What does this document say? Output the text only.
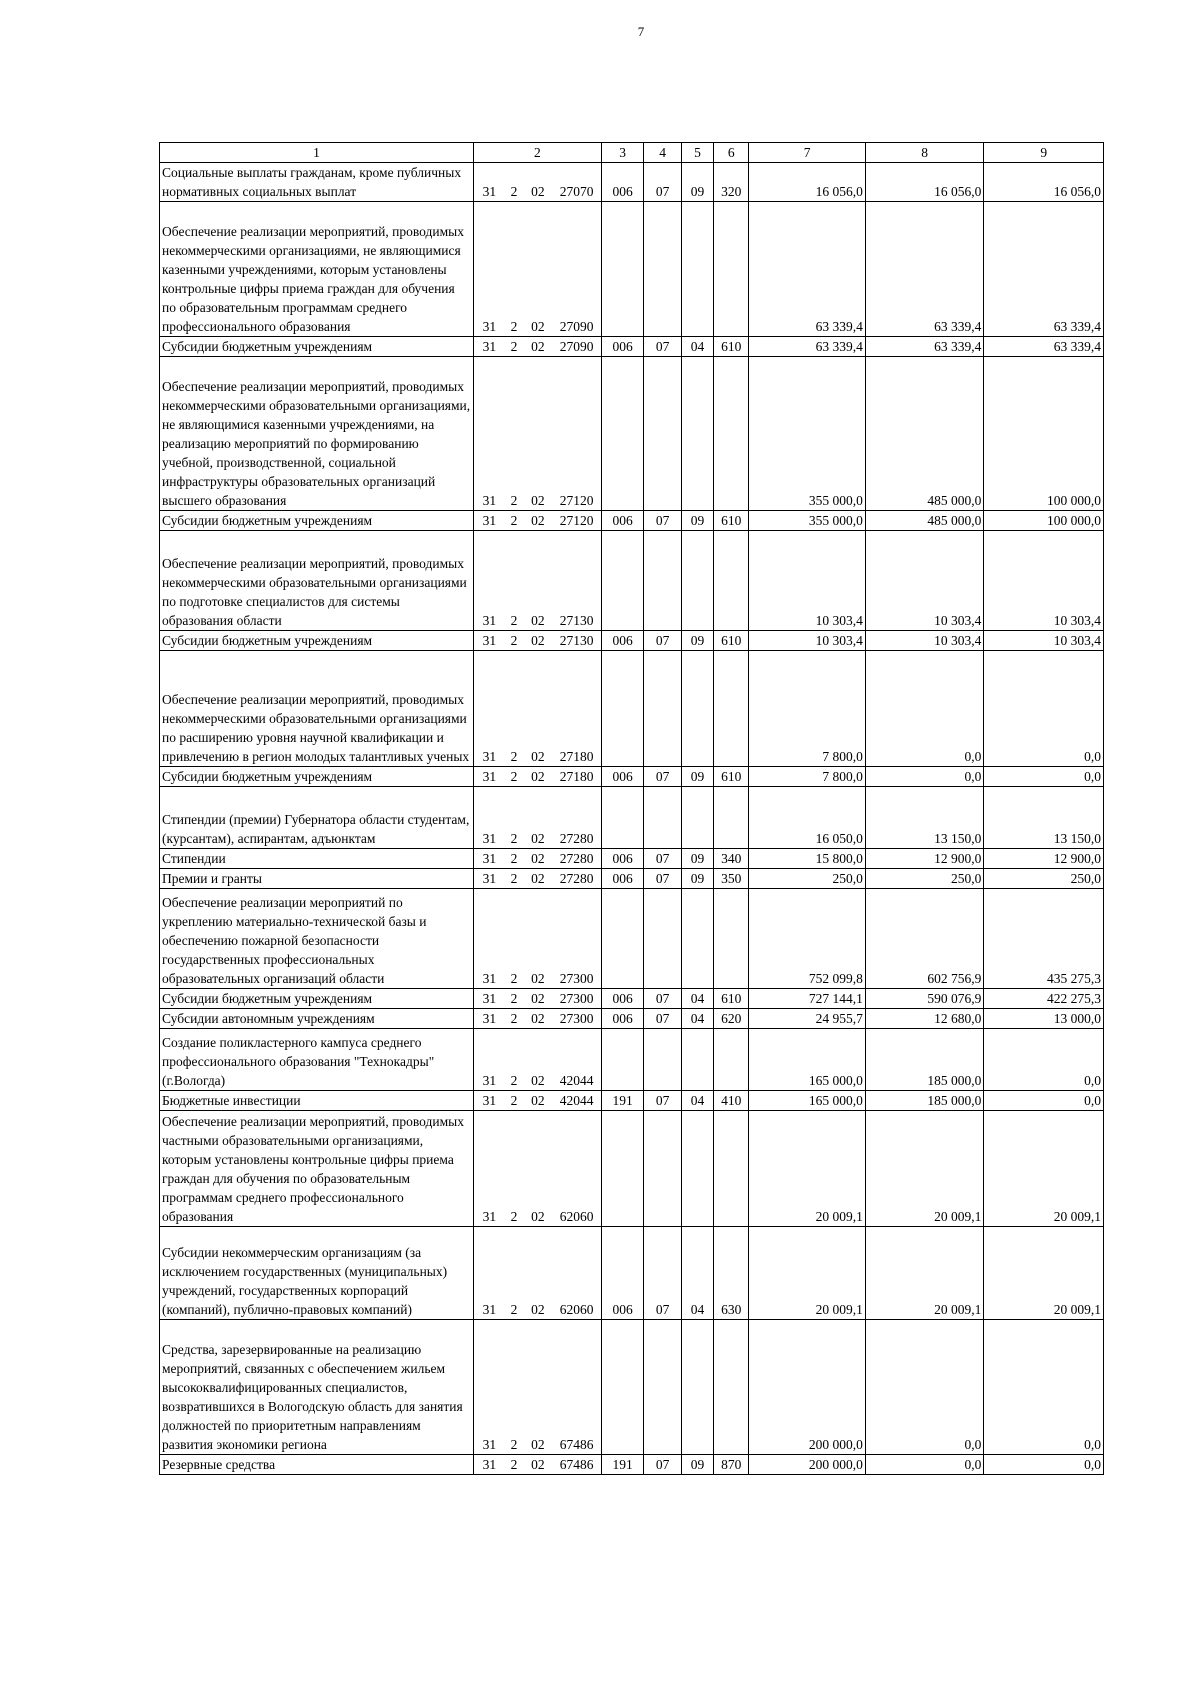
7
1	2				3	4	5	6	7	8	9
Социальные выплаты гражданам, кроме публичных нормативных социальных выплат	31	2	02	27070	006	07	09	320	16 056,0	16 056,0	16 056,0
Обеспечение реализации мероприятий, проводимых некоммерческими организациями, не являющимися казенными учреждениями, которым установлены контрольные цифры приема граждан для обучения по образовательным программам среднего профессионального образования	31	2	02	27090					63 339,4	63 339,4	63 339,4
Субсидии бюджетным учреждениям	31	2	02	27090	006	07	04	610	63 339,4	63 339,4	63 339,4
Обеспечение реализации мероприятий, проводимых некоммерческими образовательными организациями, не являющимися казенными учреждениями, на реализацию мероприятий по формированию учебной, производственной, социальной инфраструктуры образовательных организаций высшего образования	31	2	02	27120					355 000,0	485 000,0	100 000,0
Субсидии бюджетным учреждениям	31	2	02	27120	006	07	09	610	355 000,0	485 000,0	100 000,0
Обеспечение реализации мероприятий, проводимых некоммерческими образовательными организациями по подготовке специалистов для системы образования области	31	2	02	27130					10 303,4	10 303,4	10 303,4
Субсидии бюджетным учреждениям	31	2	02	27130	006	07	09	610	10 303,4	10 303,4	10 303,4
Обеспечение реализации мероприятий, проводимых некоммерческими образовательными организациями по расширению уровня научной квалификации и привлечению в регион молодых талантливых ученых	31	2	02	27180					7 800,0	0,0	0,0
Субсидии бюджетным учреждениям	31	2	02	27180	006	07	09	610	7 800,0	0,0	0,0
Стипендии (премии) Губернатора области студентам, (курсантам), аспирантам, адъюнктам	31	2	02	27280					16 050,0	13 150,0	13 150,0
Стипендии	31	2	02	27280	006	07	09	340	15 800,0	12 900,0	12 900,0
Премии и гранты	31	2	02	27280	006	07	09	350	250,0	250,0	250,0
Обеспечение реализации мероприятий по укреплению материально-технической базы и обеспечению пожарной безопасности государственных профессиональных образовательных организаций области	31	2	02	27300					752 099,8	602 756,9	435 275,3
Субсидии бюджетным учреждениям	31	2	02	27300	006	07	04	610	727 144,1	590 076,9	422 275,3
Субсидии автономным учреждениям	31	2	02	27300	006	07	04	620	24 955,7	12 680,0	13 000,0
Создание поликластерного кампуса среднего профессионального образования "Технокадры" (г.Вологда)	31	2	02	42044					165 000,0	185 000,0	0,0
Бюджетные инвестиции	31	2	02	42044	191	07	04	410	165 000,0	185 000,0	0,0
Обеспечение реализации мероприятий, проводимых частными образовательными организациями, которым установлены контрольные цифры приема граждан для обучения по образовательным программам среднего профессионального образования	31	2	02	62060					20 009,1	20 009,1	20 009,1
Субсидии некоммерческим организациям (за исключением государственных (муниципальных) учреждений, государственных корпораций (компаний), публично-правовых компаний)	31	2	02	62060	006	07	04	630	20 009,1	20 009,1	20 009,1
Средства, зарезервированные на реализацию мероприятий, связанных с обеспечением жильем высококвалифицированных специалистов, возвратившихся в Вологодскую область для занятия должностей по приоритетным направлениям развития экономики региона	31	2	02	67486					200 000,0	0,0	0,0
Резервные средства	31	2	02	67486	191	07	09	870	200 000,0	0,0	0,0
